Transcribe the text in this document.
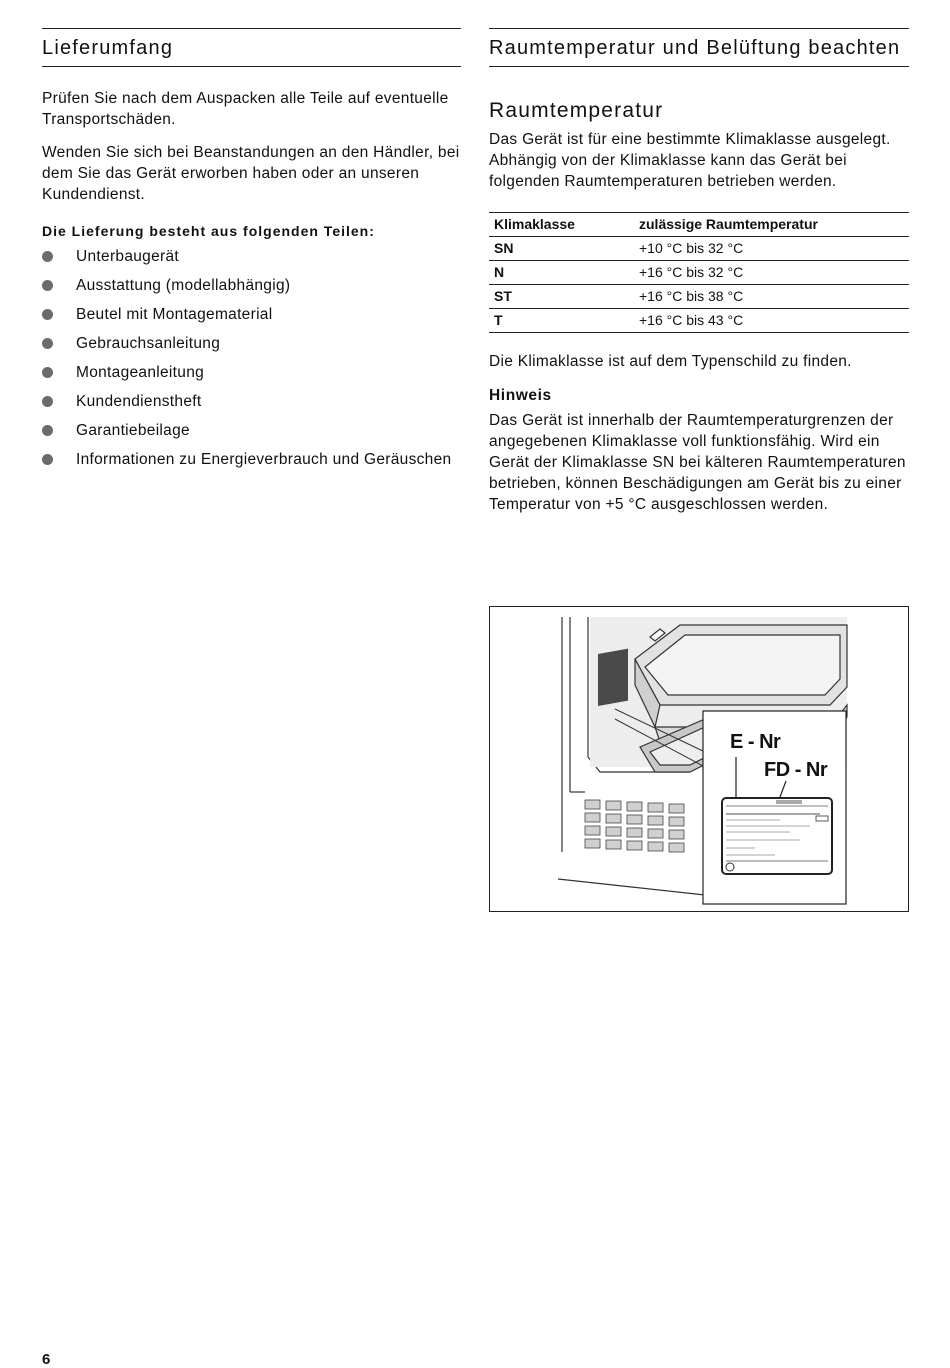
Lieferumfang

Prüfen Sie nach dem Auspacken alle Teile auf eventuelle Transportschäden.

Wenden Sie sich bei Beanstandungen an den Händler, bei dem Sie das Gerät erworben haben oder an unseren Kundendienst.

Die Lieferung besteht aus folgenden Teilen:
Unterbaugerät
Ausstattung (modellabhängig)
Beutel mit Montagematerial
Gebrauchsanleitung
Montageanleitung
Kundendienstheft
Garantiebeilage
Informationen zu Energieverbrauch und Geräuschen
Raumtemperatur und Belüftung beachten
Raumtemperatur

Das Gerät ist für eine bestimmte Klimaklasse ausgelegt. Abhängig von der Klimaklasse kann das Gerät bei folgenden Raumtemperaturen betrieben werden.

Klimaklasse	zulässige Raumtemperatur
SN	+10 °C bis 32 °C
N	+16 °C bis 32 °C
ST	+16 °C bis 38 °C
T	+16 °C bis 43 °C

Die Klimaklasse ist auf dem Typenschild zu finden.

Hinweis

Das Gerät ist innerhalb der Raumtemperaturgrenzen der angegebenen Klimaklasse voll funktionsfähig. Wird ein Gerät der Klimaklasse SN bei kälteren Raumtemperaturen betrieben, können Beschädigungen am Gerät bis zu einer Temperatur von +5 °C ausgeschlossen werden.

E - Nr
FD - Nr
6
